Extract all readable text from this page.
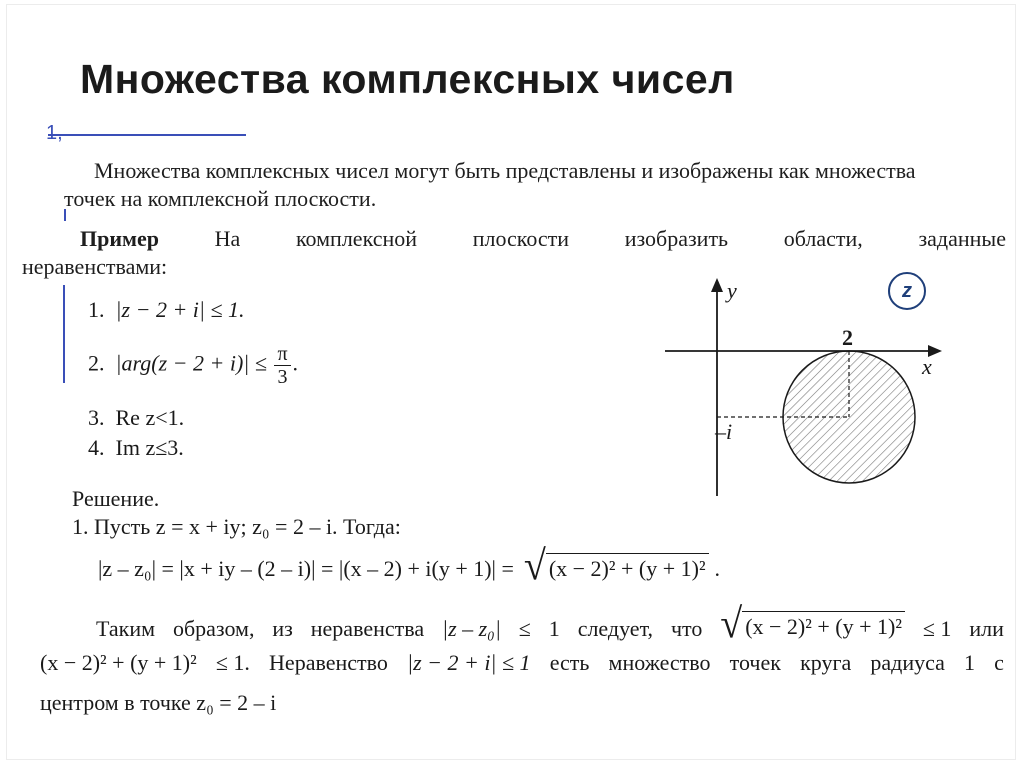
Множества комплексных чисел
1,
Множества комплексных чисел могут быть представлены и изображены как множества
точек на комплексной плоскости.
Пример	На	комплексной	плоскости	изобразить	области,	заданные
неравенствами:
1. |z − 2 + i| ≤ 1.
2. $|arg(z - 2 + i)| \le \frac{\pi}{3}$ .
3. Re z<1.
4. Im z≤3.
Решение.
1. Пусть z = x + iy; z₀ = 2 – i. Тогда:
|z – z₀| = |x + iy – (2 – i)| = |(x – 2) + i(y + 1)| = √ (x − 2)² + (y + 1)² .
Таким образом, из неравенства |z – z₀| ≤ 1 следует, что √ (x − 2)² + (y + 1)² ≤ 1 или
(x − 2)² + (y + 1)² ≤ 1. Неравенство |z − 2 + i| ≤ 1 есть множество точек круга радиуса 1 с
центром в точке z₀ = 2 – i
z
y
x
2
–i
